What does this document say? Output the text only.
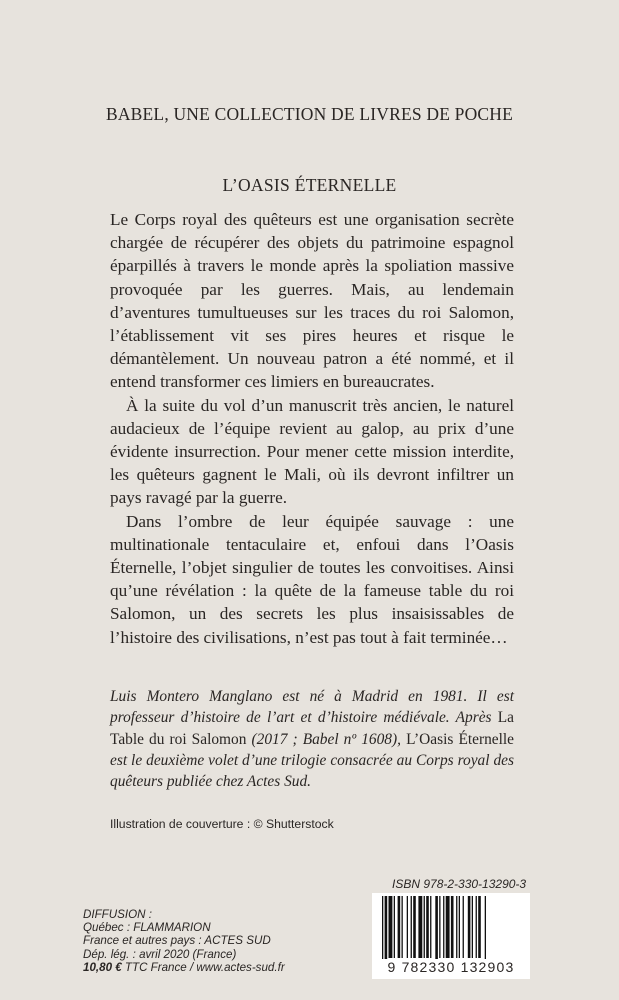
BABEL, UNE COLLECTION DE LIVRES DE POCHE
L’OASIS ÉTERNELLE

Le Corps royal des quêteurs est une organisation secrète chargée de récupérer des objets du patrimoine espagnol éparpillés à travers le monde après la spoliation massive provoquée par les guerres. Mais, au lendemain d’aventures tumultueuses sur les traces du roi Salomon, l’établissement vit ses pires heures et risque le démantèlement. Un nouveau patron a été nommé, et il entend transformer ces limiers en bureaucrates.

À la suite du vol d’un manuscrit très ancien, le naturel audacieux de l’équipe revient au galop, au prix d’une évidente insurrection. Pour mener cette mission interdite, les quêteurs gagnent le Mali, où ils devront infiltrer un pays ravagé par la guerre.

Dans l’ombre de leur équipée sauvage : une multinationale tentaculaire et, enfoui dans l’Oasis Éternelle, l’objet singulier de toutes les convoitises. Ainsi qu’une révélation : la quête de la fameuse table du roi Salomon, un des secrets les plus insaisissables de l’histoire des civilisations, n’est pas tout à fait terminée…

Luis Montero Manglano est né à Madrid en 1981. Il est professeur d’histoire de l’art et d’histoire médiévale. Après La Table du roi Salomon (2017 ; Babel nº 1608), L’Oasis Éternelle est le deuxième volet d’une trilogie consacrée au Corps royal des quêteurs publiée chez Actes Sud.
Illustration de couverture : © Shutterstock
ISBN 978-2-330-13290-3
9 782330 132903
DIFFUSION :
Québec : FLAMMARION
France et autres pays : ACTES SUD
Dép. lég. : avril 2020 (France)
10,80 € TTC France / www.actes-sud.fr
